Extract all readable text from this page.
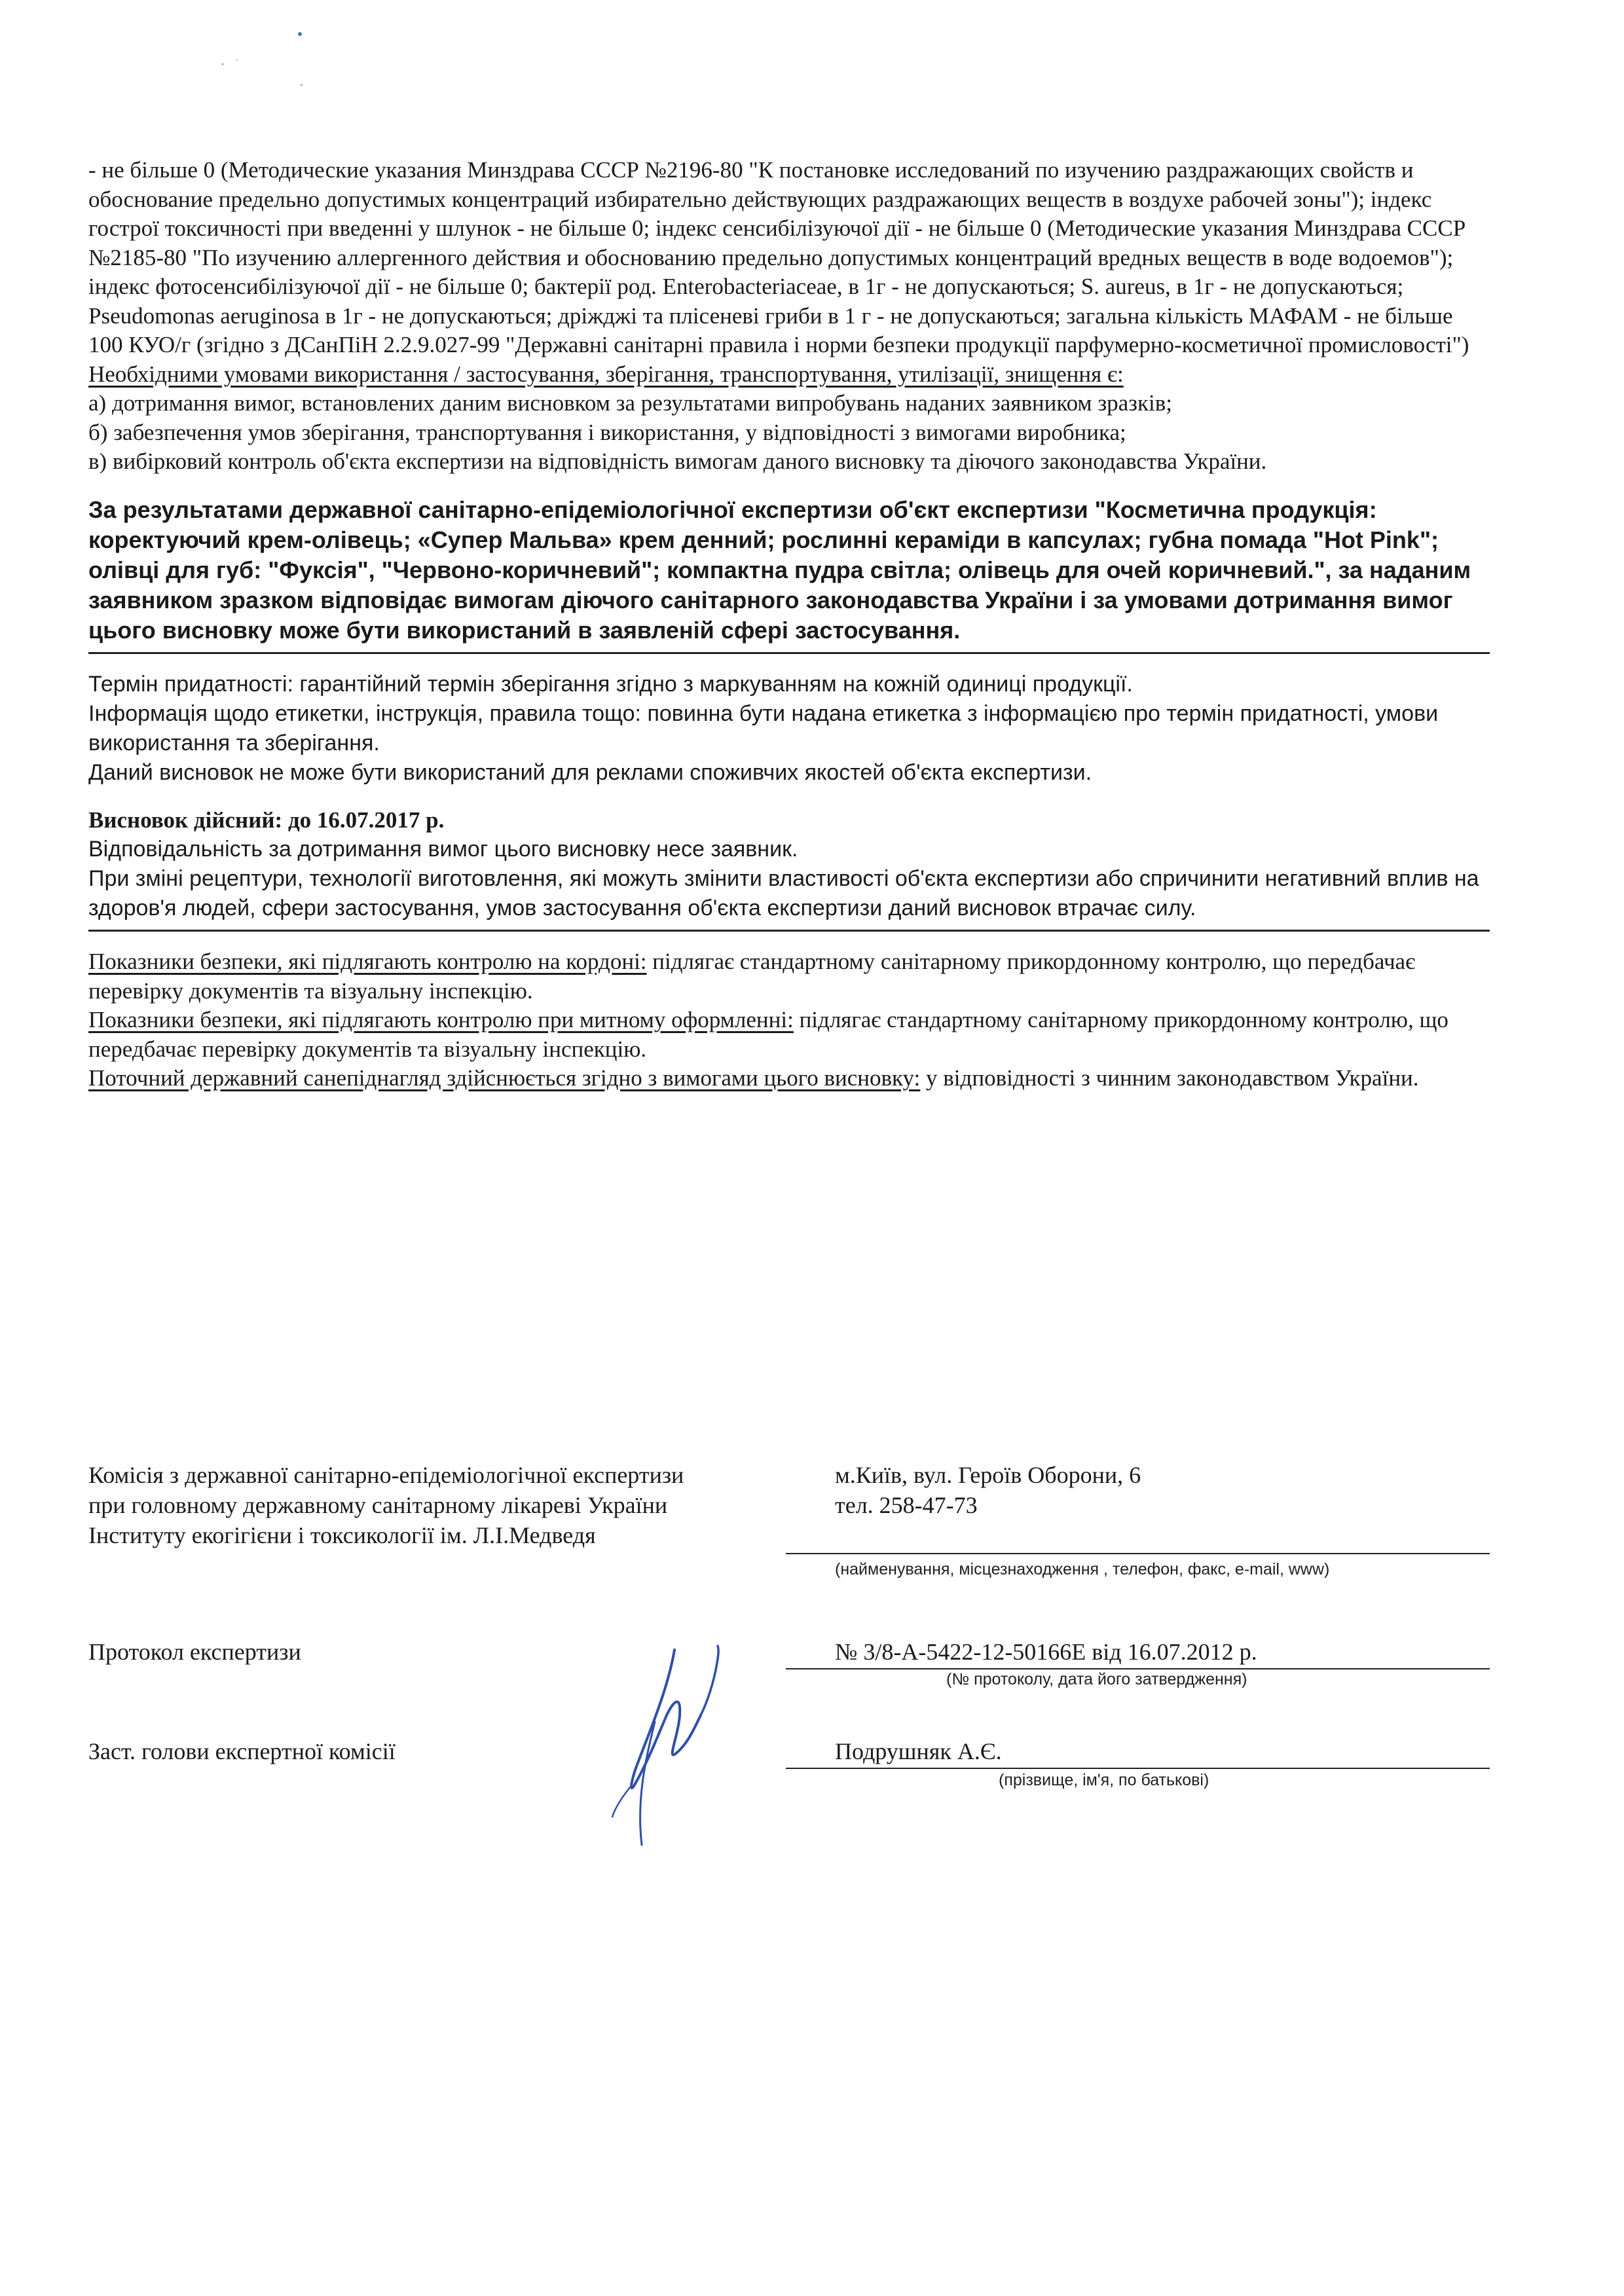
- не більше 0 (Методические указания Минздрава СССР №2196-80 "К постановке исследований по изучению раздражающих свойств и обоснование предельно допустимых концентраций избирательно действующих раздражающих веществ в воздухе рабочей зоны"); індекс гострої токсичності при введенні у шлунок - не більше 0; індекс сенсибілізуючої дії - не більше 0 (Методические указания Минздрава СССР №2185-80 "По изучению аллергенного действия и обоснованию предельно допустимых концентраций вредных веществ в воде водоемов"); індекс фотосенсибілізуючої дії - не більше 0; бактерії род. Enterobacteriaceae, в 1г - не допускаються; S. aureus, в 1г - не допускаються; Pseudomonas aeruginosa в 1г - не допускаються; дріжджі та плісеневі гриби в 1 г - не допускаються; загальна кількість МАФАМ - не більше 100 КУО/г (згідно з ДСанПіН 2.2.9.027-99 "Державні санітарні правила і норми безпеки продукції парфумерно-косметичної промисловості")

Необхідними умовами використання / застосування, зберігання, транспортування, утилізації, знищення є:

а) дотримання вимог, встановлених даним висновком за результатами випробувань наданих заявником зразків;

б) забезпечення умов зберігання, транспортування і використання, у відповідності з вимогами виробника;

в) вибірковий контроль об'єкта експертизи на відповідність вимогам даного висновку та діючого законодавства України.

За результатами державної санітарно-епідеміологічної експертизи об'єкт експертизи "Косметична продукція: коректуючий крем-олівець; «Супер Мальва» крем денний; рослинні кераміди в капсулах; губна помада "Hot Pink"; олівці для губ: "Фуксія", "Червоно-коричневий"; компактна пудра світла; олівець для очей коричневий.", за наданим заявником зразком відповідає вимогам діючого санітарного законодавства України і за умовами дотримання вимог цього висновку може бути використаний в заявленій сфері застосування.

Термін придатності: гарантійний термін зберігання згідно з маркуванням на кожній одиниці продукції.

Інформація щодо етикетки, інструкція, правила тощо: повинна бути надана етикетка з інформацією про термін придатності, умови використання та зберігання.

Даний висновок не може бути використаний для реклами споживчих якостей об'єкта експертизи.

Висновок дійсний: до 16.07.2017 р.

Відповідальність за дотримання вимог цього висновку несе заявник.

При зміні рецептури, технології виготовлення, які можуть змінити властивості об'єкта експертизи або спричинити негативний вплив на здоров'я людей, сфери застосування, умов застосування об'єкта експертизи даний висновок втрачає силу.

Показники безпеки, які підлягають контролю на кордоні: підлягає стандартному санітарному прикордонному контролю, що передбачає перевірку документів та візуальну інспекцію.

Показники безпеки, які підлягають контролю при митному оформленні: підлягає стандартному санітарному прикордонному контролю, що передбачає перевірку документів та візуальну інспекцію.

Поточний державний санепіднагляд здійснюється згідно з вимогами цього висновку: у відповідності з чинним законодавством України.

Комісія з державної санітарно-епідеміологічної експертизи
при головному державному санітарному лікареві України
Інституту екогігієни і токсикології ім. Л.І.Медведя
м.Київ, вул. Героїв Оборони, 6
тел. 258-47-73
(найменування, місцезнаходження , телефон, факс, e-mail, www)
Протокол експертизи	№ 3/8-А-5422-12-50166Е від 16.07.2012 р.
(№ протоколу, дата його затвердження)
Заст. голови експертної комісії	Подрушняк А.Є.
(прізвище, ім'я, по батькові)
